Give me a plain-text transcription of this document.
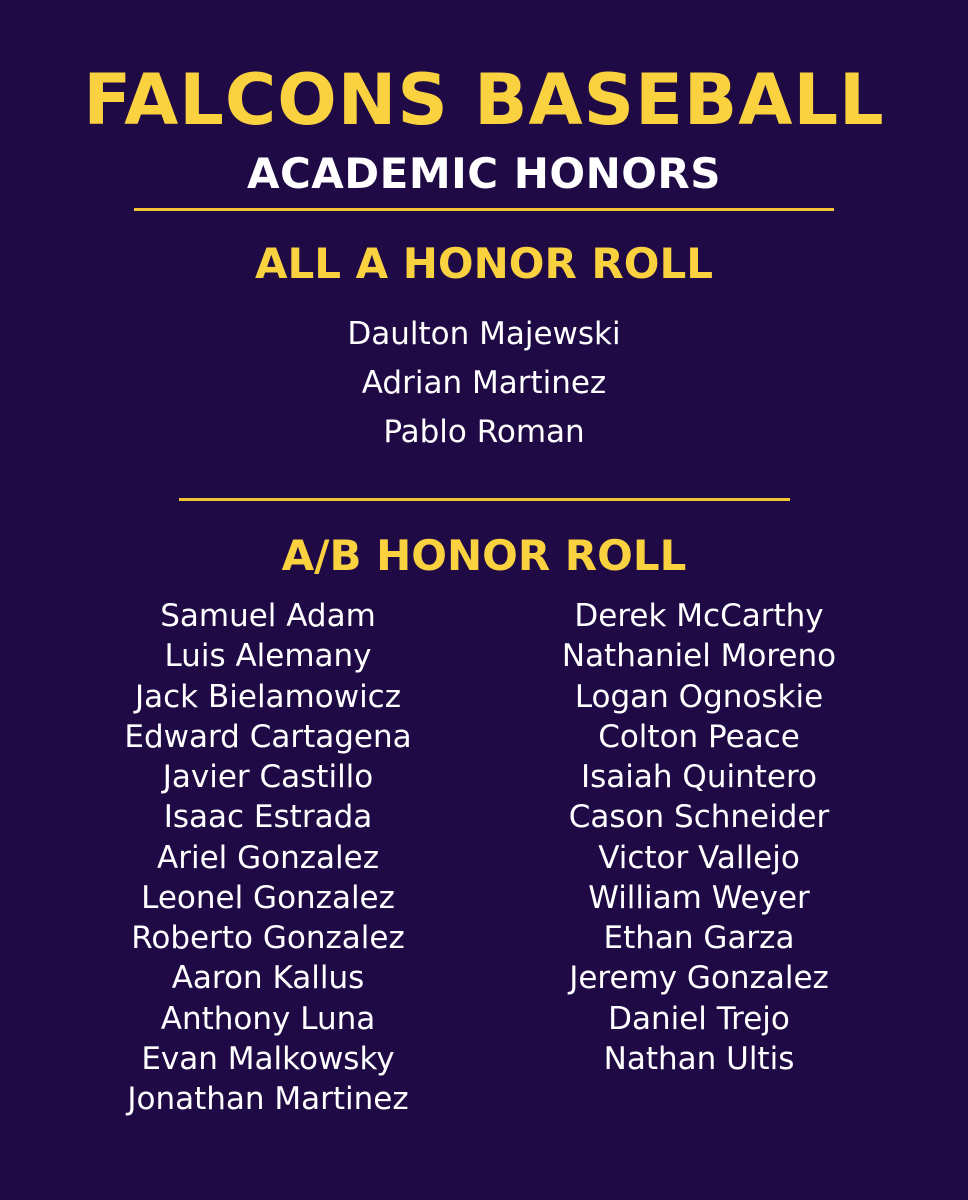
FALCONS BASEBALL
ACADEMIC HONORS
ALL A HONOR ROLL
Daulton Majewski
Adrian Martinez
Pablo Roman
A/B HONOR ROLL
Samuel Adam
Luis Alemany
Jack Bielamowicz
Edward Cartagena
Javier Castillo
Isaac Estrada
Ariel Gonzalez
Leonel Gonzalez
Roberto Gonzalez
Aaron Kallus
Anthony Luna
Evan Malkowsky
Jonathan Martinez
Derek McCarthy
Nathaniel Moreno
Logan Ognoskie
Colton Peace
Isaiah Quintero
Cason Schneider
Victor Vallejo
William Weyer
Ethan Garza
Jeremy Gonzalez
Daniel Trejo
Nathan Ultis
